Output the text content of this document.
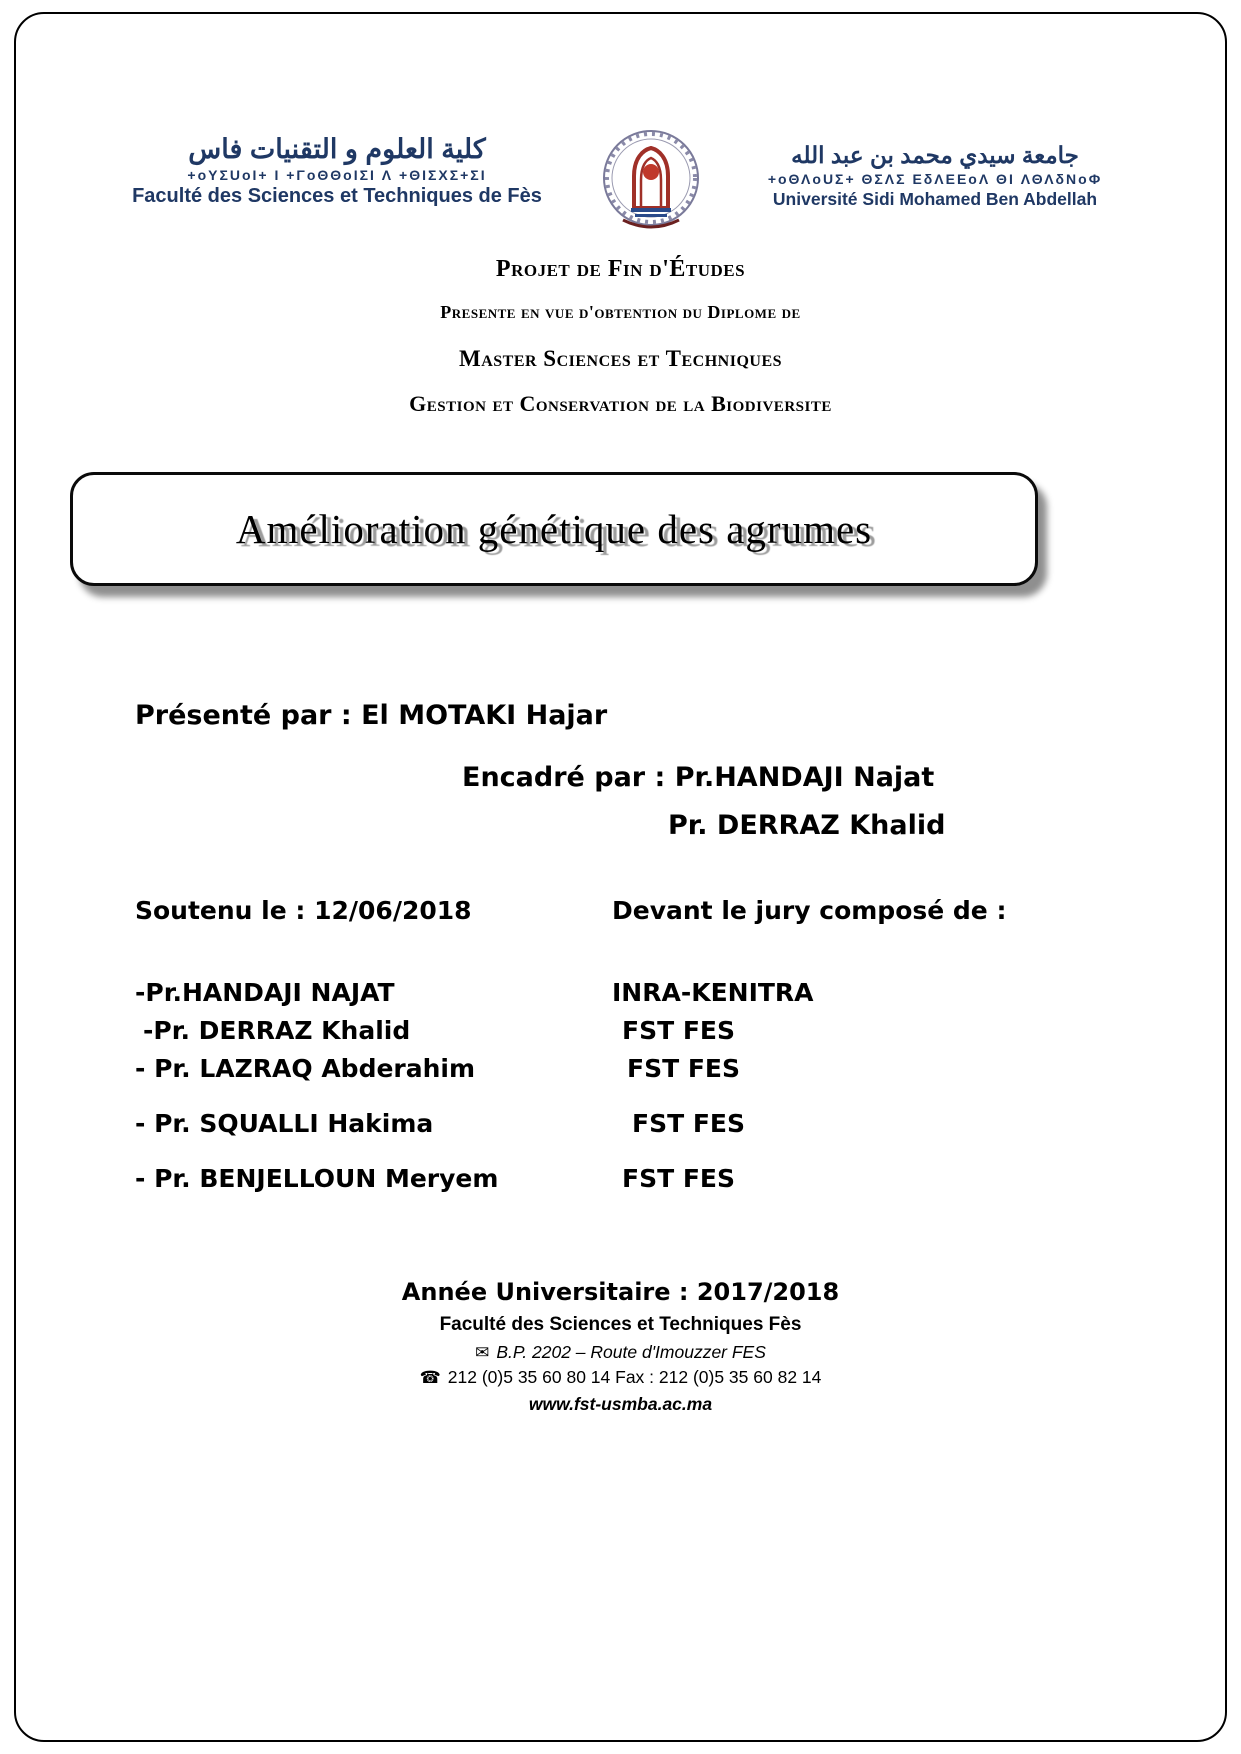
كلية العلوم و التقنيات فاس
+oYΣUoI+ I +ΓoΘΘoIΣI Λ +ΘIΣXΣ+ΣI
Faculté des Sciences et Techniques de Fès
جامعة سيدي محمد بن عبد الله
+oΘΛoUΣ+ ΘΣΛΣ ΕδΛΕΕoΛ ΘI ΛΘΛδΝoΦ
Université Sidi Mohamed Ben Abdellah
Projet de Fin d'Études
Presente en vue d'obtention du Diplome de
Master Sciences et Techniques
Gestion et Conservation de la Biodiversite
Amélioration génétique des agrumes
Présenté par : El MOTAKI Hajar
Encadré par : Pr.HANDAJI Najat
Pr. DERRAZ Khalid
Soutenu le : 12/06/2018	Devant le jury composé de :
-Pr.HANDAJI NAJAT	INRA-KENITRA
-Pr. DERRAZ Khalid	FST FES
- Pr. LAZRAQ Abderahim	FST FES
- Pr. SQUALLI Hakima	FST FES
- Pr. BENJELLOUN Meryem	FST FES
Année Universitaire : 2017/2018
Faculté des Sciences et Techniques Fès
✉ B.P. 2202 – Route d'Imouzzer FES
☎ 212 (0)5 35 60 80 14 Fax : 212 (0)5 35 60 82 14
www.fst-usmba.ac.ma
